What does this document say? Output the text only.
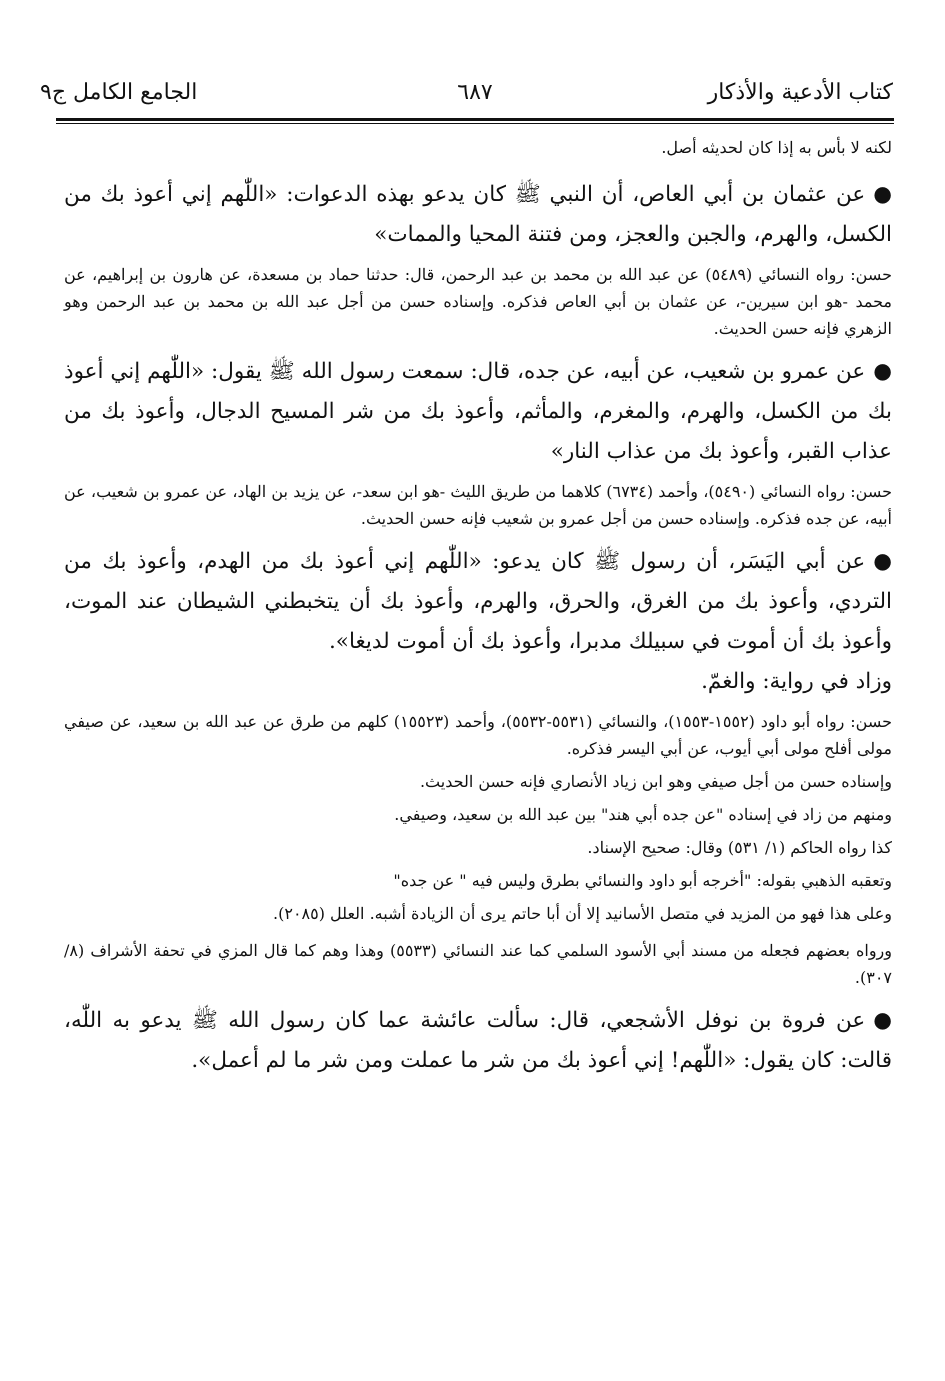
كتاب الأدعية والأذكار
٦٨٧
الجامع الكامل ج٩

لكنه لا بأس به إذا كان لحديثه أصل.

●عن عثمان بن أبي العاص، أن النبي ﷺ كان يدعو بهذه الدعوات: «اللّٰهم إني أعوذ بك من الكسل، والهرم، والجبن والعجز، ومن فتنة المحيا والممات»

حسن: رواه النسائي (٥٤٨٩) عن عبد الله بن محمد بن عبد الرحمن، قال: حدثنا حماد بن مسعدة، عن هارون بن إبراهيم، عن محمد -هو ابن سيرين-، عن عثمان بن أبي العاص فذكره. وإسناده حسن من أجل عبد الله بن محمد بن عبد الرحمن وهو الزهري فإنه حسن الحديث.

●عن عمرو بن شعيب، عن أبيه، عن جده، قال: سمعت رسول الله ﷺ يقول: «اللّٰهم إني أعوذ بك من الكسل، والهرم، والمغرم، والمأثم، وأعوذ بك من شر المسيح الدجال، وأعوذ بك من عذاب القبر، وأعوذ بك من عذاب النار»

حسن: رواه النسائي (٥٤٩٠)، وأحمد (٦٧٣٤) كلاهما من طريق الليث -هو ابن سعد-، عن يزيد بن الهاد، عن عمرو بن شعيب، عن أبيه، عن جده فذكره. وإسناده حسن من أجل عمرو بن شعيب فإنه حسن الحديث.

●عن أبي اليَسَر، أن رسول ﷺ كان يدعو: «اللّٰهم إني أعوذ بك من الهدم، وأعوذ بك من التردي، وأعوذ بك من الغرق، والحرق، والهرم، وأعوذ بك أن يتخبطني الشيطان عند الموت، وأعوذ بك أن أموت في سبيلك مدبرا، وأعوذ بك أن أموت لديغا».

وزاد في رواية: والغمّ.

حسن: رواه أبو داود (١٥٥٢-١٥٥٣)، والنسائي (٥٥٣١-٥٥٣٢)، وأحمد (١٥٥٢٣) كلهم من طرق عن عبد الله بن سعيد، عن صيفي مولى أفلح مولى أبي أيوب، عن أبي اليسر فذكره.

وإسناده حسن من أجل صيفي وهو ابن زياد الأنصاري فإنه حسن الحديث.

ومنهم من زاد في إسناده "عن جده أبي هند" بين عبد الله بن سعيد، وصيفي.

كذا رواه الحاكم (١/ ٥٣١) وقال: صحيح الإسناد.

وتعقبه الذهبي بقوله: "أخرجه أبو داود والنسائي بطرق وليس فيه " عن جده"

وعلى هذا فهو من المزيد في متصل الأسانيد إلا أن أبا حاتم يرى أن الزيادة أشبه. العلل (٢٠٨٥).

ورواه بعضهم فجعله من مسند أبي الأسود السلمي كما عند النسائي (٥٥٣٣) وهذا وهم كما قال المزي في تحفة الأشراف (٨/ ٣٠٧).

●عن فروة بن نوفل الأشجعي، قال: سألت عائشة عما كان رسول الله ﷺ يدعو به اللّٰه، قالت: كان يقول: «اللّٰهم! إني أعوذ بك من شر ما عملت ومن شر ما لم أعمل».
